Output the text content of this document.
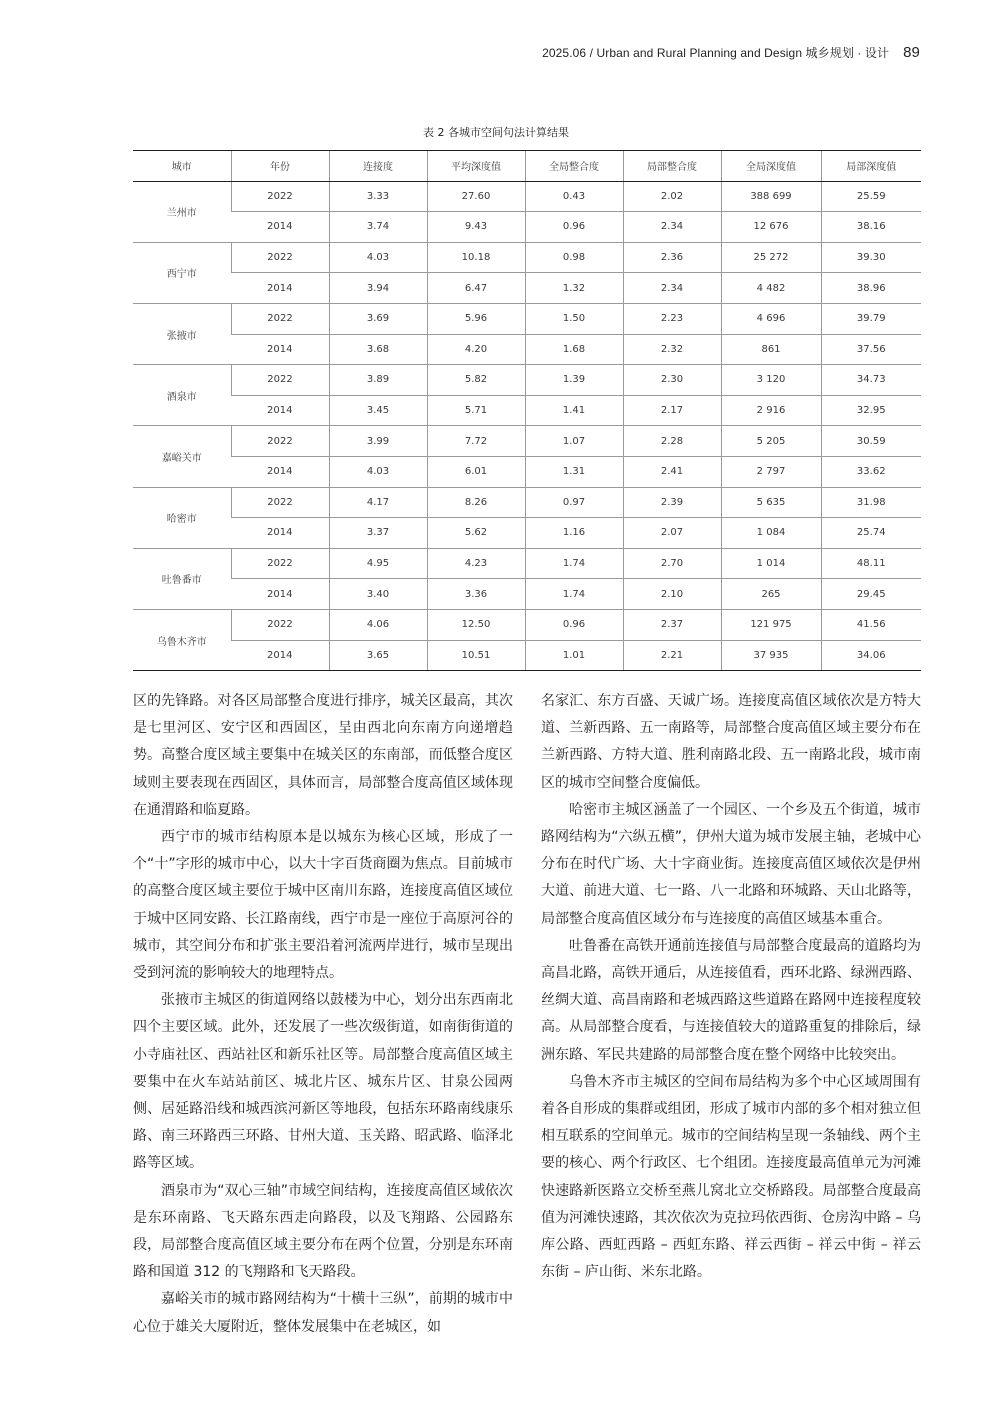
2025.06 / Urban and Rural Planning and Design 城乡规划 · 设计 89
表 2 各城市空间句法计算结果
城市	年份	连接度	平均深度值	全局整合度	局部整合度	全局深度值	局部深度值
兰州市	2022	3.33	27.60	0.43	2.02	388 699	25.59
	2014	3.74	9.43	0.96	2.34	12 676	38.16
西宁市	2022	4.03	10.18	0.98	2.36	25 272	39.30
	2014	3.94	6.47	1.32	2.34	4 482	38.96
张掖市	2022	3.69	5.96	1.50	2.23	4 696	39.79
	2014	3.68	4.20	1.68	2.32	861	37.56
酒泉市	2022	3.89	5.82	1.39	2.30	3 120	34.73
	2014	3.45	5.71	1.41	2.17	2 916	32.95
嘉峪关市	2022	3.99	7.72	1.07	2.28	5 205	30.59
	2014	4.03	6.01	1.31	2.41	2 797	33.62
哈密市	2022	4.17	8.26	0.97	2.39	5 635	31.98
	2014	3.37	5.62	1.16	2.07	1 084	25.74
吐鲁番市	2022	4.95	4.23	1.74	2.70	1 014	48.11
	2014	3.40	3.36	1.74	2.10	265	29.45
乌鲁木齐市	2022	4.06	12.50	0.96	2.37	121 975	41.56
	2014	3.65	10.51	1.01	2.21	37 935	34.06

区的先锋路。对各区局部整合度进行排序，城关区最高，其次是七里河区、安宁区和西固区，呈由西北向东南方向递增趋势。高整合度区域主要集中在城关区的东南部，而低整合度区域则主要表现在西固区，具体而言，局部整合度高值区域体现在通渭路和临夏路。

西宁市的城市结构原本是以城东为核心区域，形成了一个“十”字形的城市中心，以大十字百货商圈为焦点。目前城市的高整合度区域主要位于城中区南川东路，连接度高值区域位于城中区同安路、长江路南线，西宁市是一座位于高原河谷的城市，其空间分布和扩张主要沿着河流两岸进行，城市呈现出受到河流的影响较大的地理特点。

张掖市主城区的街道网络以鼓楼为中心，划分出东西南北四个主要区域。此外，还发展了一些次级街道，如南街街道的小寺庙社区、西站社区和新乐社区等。局部整合度高值区域主要集中在火车站站前区、城北片区、城东片区、甘泉公园两侧、居延路沿线和城西滨河新区等地段，包括东环路南线康乐路、南三环路西三环路、甘州大道、玉关路、昭武路、临泽北路等区域。

酒泉市为“双心三轴”市域空间结构，连接度高值区域依次是东环南路、飞天路东西走向路段，以及飞翔路、公园路东段，局部整合度高值区域主要分布在两个位置，分别是东环南路和国道 312 的飞翔路和飞天路段。

嘉峪关市的城市路网结构为“十横十三纵”，前期的城市中心位于雄关大厦附近，整体发展集中在老城区，如

名家汇、东方百盛、天诚广场。连接度高值区域依次是方特大道、兰新西路、五一南路等，局部整合度高值区域主要分布在兰新西路、方特大道、胜利南路北段、五一南路北段，城市南区的城市空间整合度偏低。

哈密市主城区涵盖了一个园区、一个乡及五个街道，城市路网结构为“六纵五横”，伊州大道为城市发展主轴，老城中心分布在时代广场、大十字商业街。连接度高值区域依次是伊州大道、前进大道、七一路、八一北路和环城路、天山北路等，局部整合度高值区域分布与连接度的高值区域基本重合。

吐鲁番在高铁开通前连接值与局部整合度最高的道路均为高昌北路，高铁开通后，从连接值看，西环北路、绿洲西路、丝绸大道、高昌南路和老城西路这些道路在路网中连接程度较高。从局部整合度看，与连接值较大的道路重复的排除后，绿洲东路、军民共建路的局部整合度在整个网络中比较突出。

乌鲁木齐市主城区的空间布局结构为多个中心区域周围有着各自形成的集群或组团，形成了城市内部的多个相对独立但相互联系的空间单元。城市的空间结构呈现一条轴线、两个主要的核心、两个行政区、七个组团。连接度最高值单元为河滩快速路新医路立交桥至燕儿窝北立交桥路段。局部整合度最高值为河滩快速路，其次依次为克拉玛依西街、仓房沟中路 – 乌库公路、西虹西路 – 西虹东路、祥云西街 – 祥云中街 – 祥云东街 – 庐山街、米东北路。
